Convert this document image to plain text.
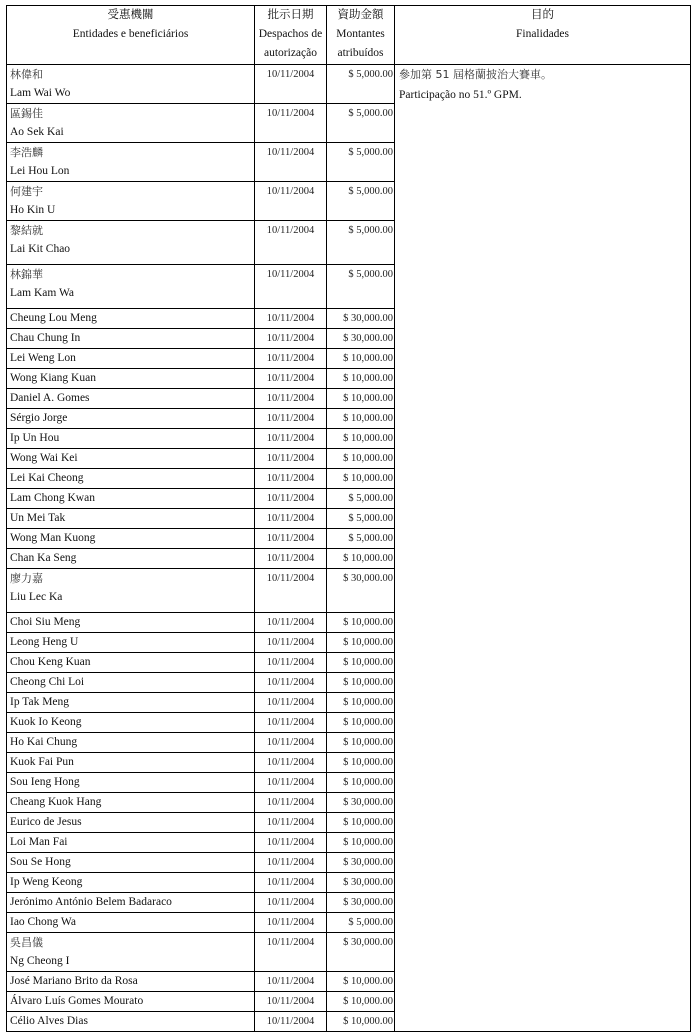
受惠機關
Entidades e beneficiários	批示日期
Despachos de
autorização	資助金額
Montantes
atribuídos	目的
Finalidades

林偉和
Lam Wai Wo	10/11/2004	$ 5,000.00	參加第 51 屆格蘭披治大賽車。
Participação no 51.º GPM.

區錫佳
Ao Sek Kai	10/11/2004	$ 5,000.00	

李浩麟
Lei Hou Lon	10/11/2004	$ 5,000.00	

何建宇
Ho Kin U	10/11/2004	$ 5,000.00	

黎結就
Lai Kit Chao	10/11/2004	$ 5,000.00	

林錦華
Lam Kam Wa	10/11/2004	$ 5,000.00	

Cheung Lou Meng	10/11/2004	$ 30,000.00	

Chau Chung In	10/11/2004	$ 30,000.00	

Lei Weng Lon	10/11/2004	$ 10,000.00	

Wong Kiang Kuan	10/11/2004	$ 10,000.00	

Daniel A. Gomes	10/11/2004	$ 10,000.00	

Sérgio Jorge	10/11/2004	$ 10,000.00	

Ip Un Hou	10/11/2004	$ 10,000.00	

Wong Wai Kei	10/11/2004	$ 10,000.00	

Lei Kai Cheong	10/11/2004	$ 10,000.00	

Lam Chong Kwan	10/11/2004	$ 5,000.00	

Un Mei Tak	10/11/2004	$ 5,000.00	

Wong Man Kuong	10/11/2004	$ 5,000.00	

Chan Ka Seng	10/11/2004	$ 10,000.00	

廖力嘉
Liu Lec Ka	10/11/2004	$ 30,000.00	

Choi Siu Meng	10/11/2004	$ 10,000.00	

Leong Heng U	10/11/2004	$ 10,000.00	

Chou Keng Kuan	10/11/2004	$ 10,000.00	

Cheong Chi Loi	10/11/2004	$ 10,000.00	

Ip Tak Meng	10/11/2004	$ 10,000.00	

Kuok Io Keong	10/11/2004	$ 10,000.00	

Ho Kai Chung	10/11/2004	$ 10,000.00	

Kuok Fai Pun	10/11/2004	$ 10,000.00	

Sou Ieng Hong	10/11/2004	$ 10,000.00	

Cheang Kuok Hang	10/11/2004	$ 30,000.00	

Eurico de Jesus	10/11/2004	$ 10,000.00	

Loi Man Fai	10/11/2004	$ 10,000.00	

Sou Se Hong	10/11/2004	$ 30,000.00	

Ip Weng Keong	10/11/2004	$ 30,000.00	

Jerónimo António Belem Badaraco	10/11/2004	$ 30,000.00	

Iao Chong Wa	10/11/2004	$ 5,000.00	

吳昌儀
Ng Cheong I	10/11/2004	$ 30,000.00	

José Mariano Brito da Rosa	10/11/2004	$ 10,000.00	

Álvaro Luís Gomes Mourato	10/11/2004	$ 10,000.00	

Célio Alves Dias	10/11/2004	$ 10,000.00	
